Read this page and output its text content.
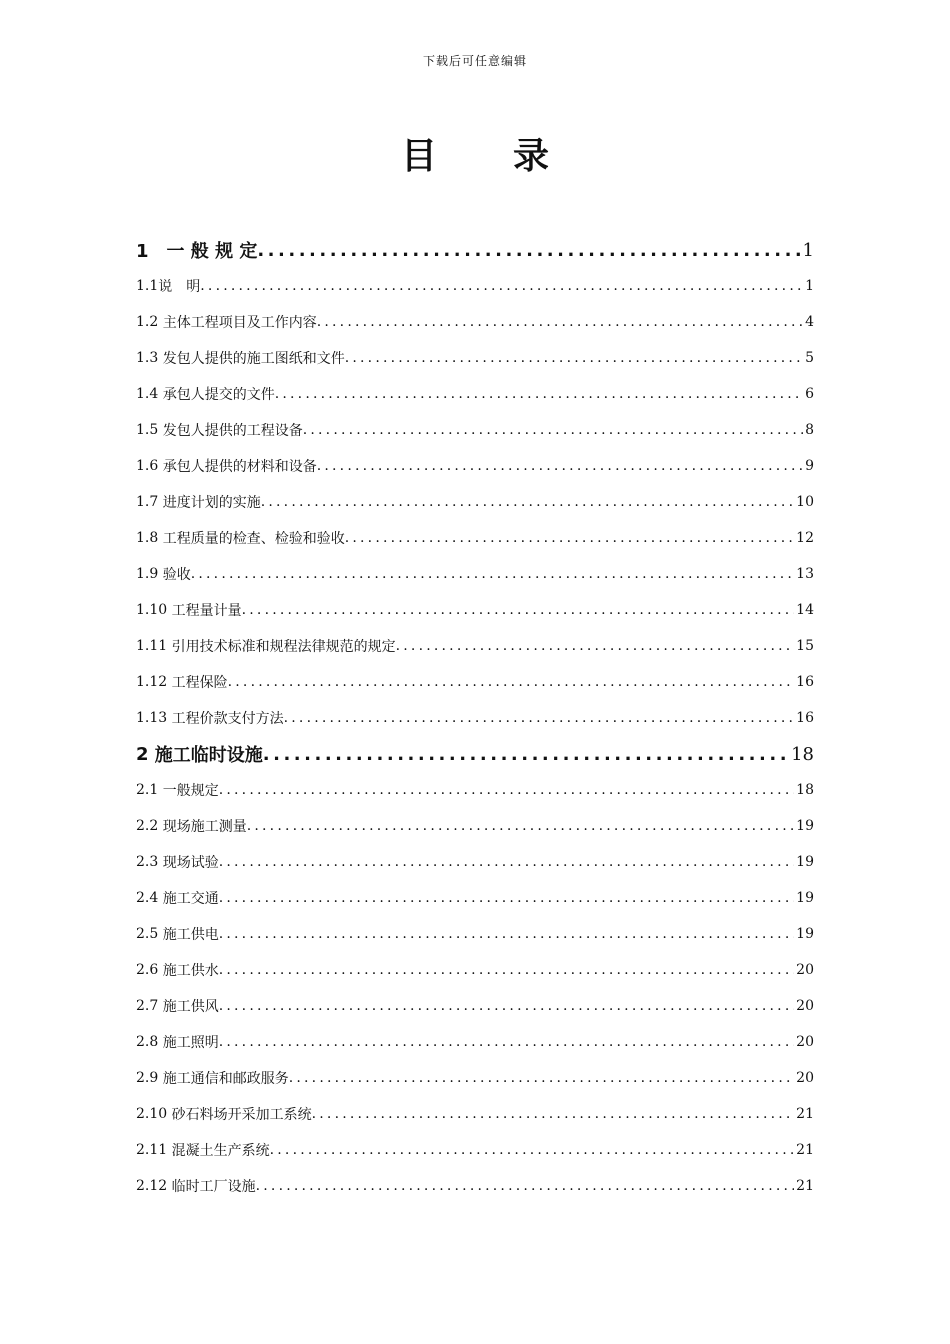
下载后可任意编辑
目 录
1　 一 般 规 定 .....	1
1.1 说　明 .....	1
1.2 主体工程项目及工作内容 .....	4
1.3 发包人提供的施工图纸和文件 .....	5
1.4 承包人提交的文件 .....	6
1.5 发包人提供的工程设备 .....	8
1.6 承包人提供的材料和设备 .....	9
1.7 进度计划的实施 .....	10
1.8 工程质量的检查、检验和验收 .....	12
1.9 验收 .....	13
1.10 工程量计量 .....	14
1.11 引用技术标准和规程法律规范的规定 .....	15
1.12 工程保险 .....	16
1.13 工程价款支付方法 .....	16
2 施工临时设施 .....	18
2.1 一般规定 .....	18
2.2 现场施工测量 .....	19
2.3 现场试验 .....	19
2.4 施工交通 .....	19
2.5 施工供电 .....	19
2.6 施工供水 .....	20
2.7 施工供风 .....	20
2.8 施工照明 .....	20
2.9 施工通信和邮政服务 .....	20
2.10 砂石料场开采加工系统 .....	21
2.11 混凝土生产系统 .....	21
2.12 临时工厂设施 .....	21
